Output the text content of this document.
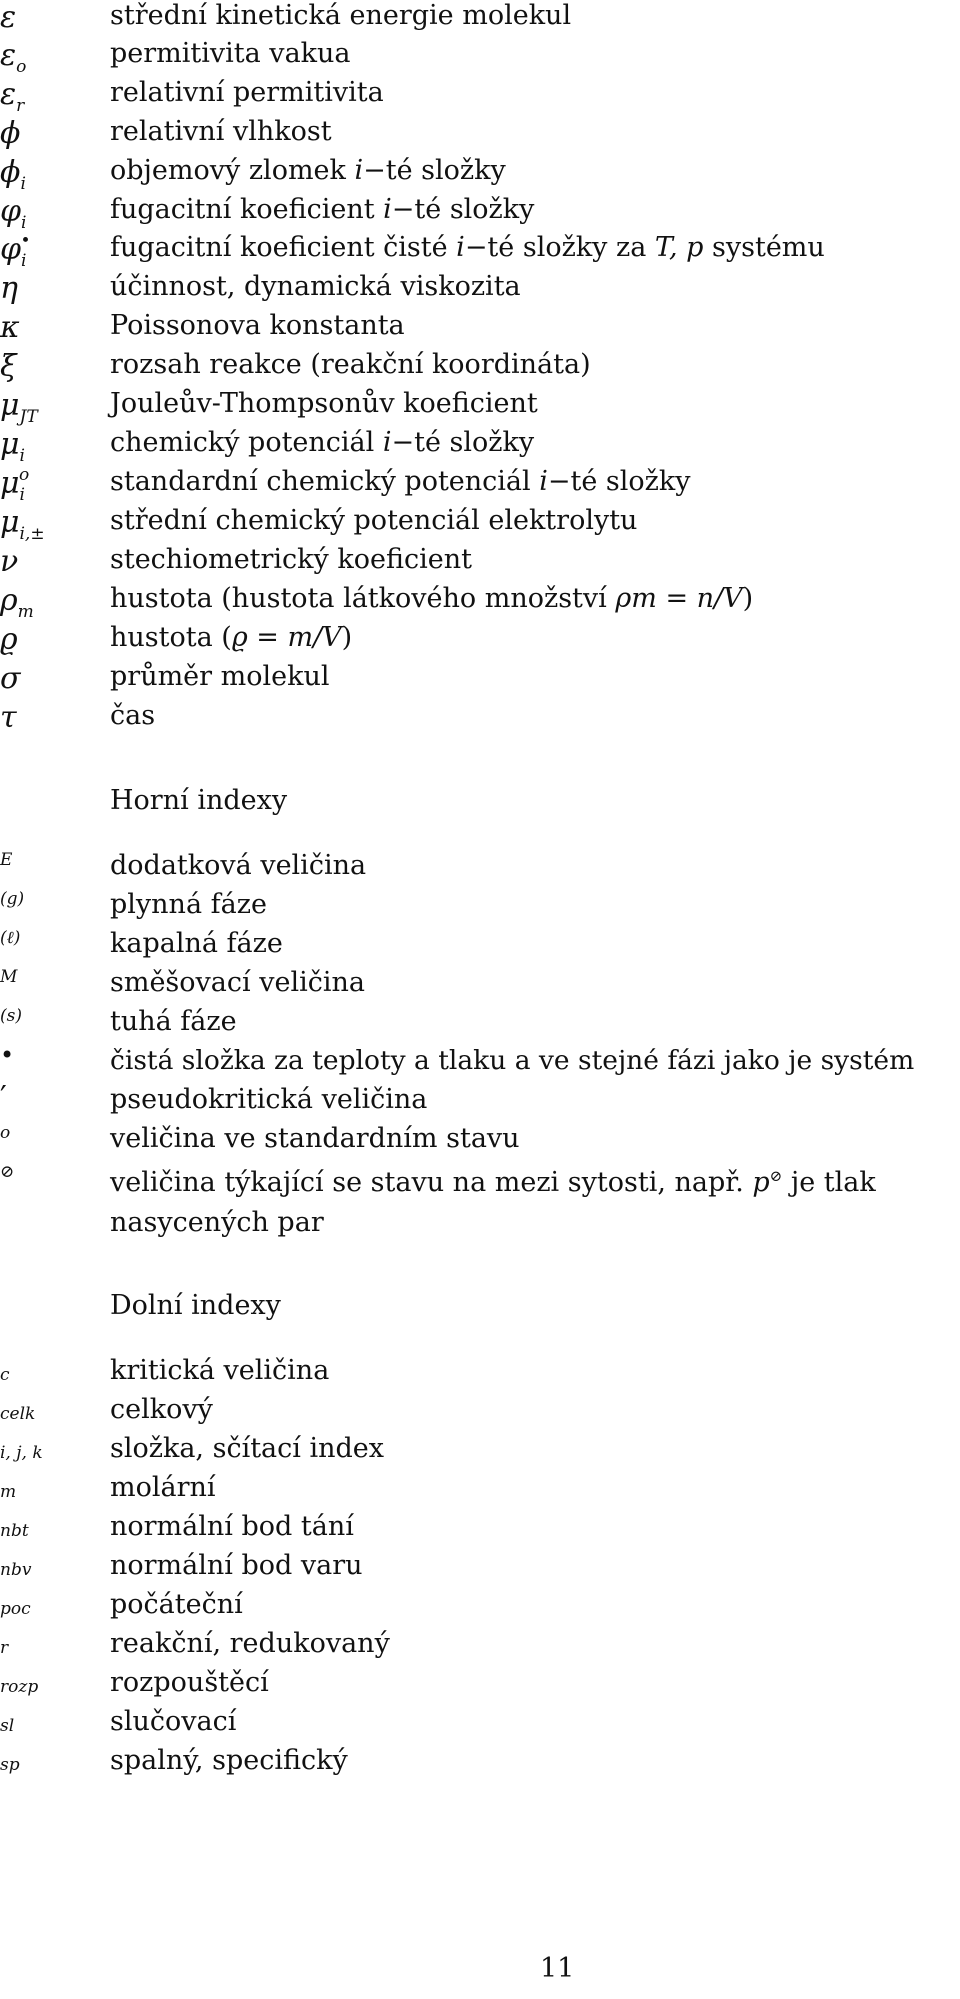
ε	střední kinetická energie molekul
$\varepsilon_o$	permitivita vakua
$\varepsilon_r$	relativní permitivita
ϕ	relativní vlhkost
$\phi_i$	objemový zlomek i−té složky
$\varphi_i$	fugacitní koeficient i−té složky
$\varphi_i^•$	fugacitní koeficient čisté i−té složky za T, p systému
η	účinnost, dynamická viskozita
κ	Poissonova konstanta
ξ	rozsah reakce (reakční koordináta)
$\mu_{JT}$	Jouleův-Thompsonův koeficient
$\mu_i$	chemický potenciál i−té složky
$\mu_i^o$	standardní chemický potenciál i−té složky
$\mu_{i,\pm}$	střední chemický potenciál elektrolytu
ν	stechiometrický koeficient
$\rho_m$	hustota (hustota látkového množství ρm = n/V)
ϱ	hustota (ϱ = m/V)
σ	průměr molekul
τ	čas
Horní indexy
E	dodatková veličina
(g)	plynná fáze
(ℓ)	kapalná fáze
M	směšovací veličina
(s)	tuhá fáze
•	čistá složka za teploty a tlaku a ve stejné fázi jako je systém
′	pseudokritická veličina
o	veličina ve standardním stavu
⊘	veličina týkající se stavu na mezi sytosti, např. p⊘ je tlak nasycených par
Dolní indexy
c	kritická veličina
celk	celkový
i, j, k	složka, sčítací index
m	molární
nbt	normální bod tání
nbv	normální bod varu
poc	počáteční
r	reakční, redukovaný
rozp	rozpouštěcí
sl	slučovací
sp	spalný, specifický
11
